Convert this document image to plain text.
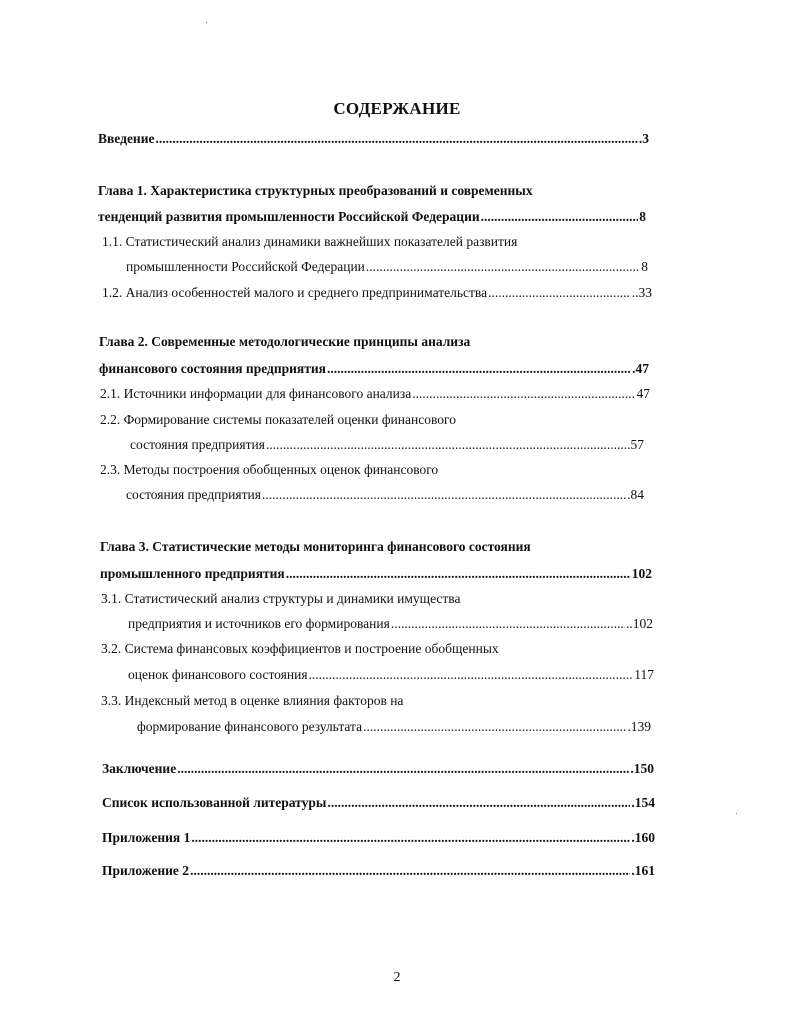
СОДЕРЖАНИЕ
Введение .....	.3
Глава 1. Характеристика структурных преобразований и современных
тенденций развития промышленности Российской Федерации .....	8
1.1. Статистический анализ динамики важнейших показателей развития
промышленности Российской Федерации .....	8
1.2. Анализ особенностей малого и среднего предпринимательства .....	..33
Глава 2. Современные методологические принципы анализа
финансового состояния предприятия .....	.47
2.1. Источники информации для финансового анализа .....	47
2.2. Формирование системы показателей оценки финансового
состояния предприятия .....	.57
2.3. Методы построения обобщенных оценок финансового
состояния предприятия .....	.84
Глава 3. Статистические методы мониторинга финансового состояния
промышленного предприятия .....	102
3.1. Статистический анализ структуры и динамики имущества
предприятия и источников его формирования .....	..102
3.2. Система финансовых коэффициентов и построение обобщенных
оценок финансового состояния .....	117
3.3. Индексный метод в оценке влияния факторов на
формирование финансового результата .....	.139
Заключение .....	.150
Список использованной литературы .....	.154
Приложения 1 .....	.160
Приложение 2 .....	.161
2
